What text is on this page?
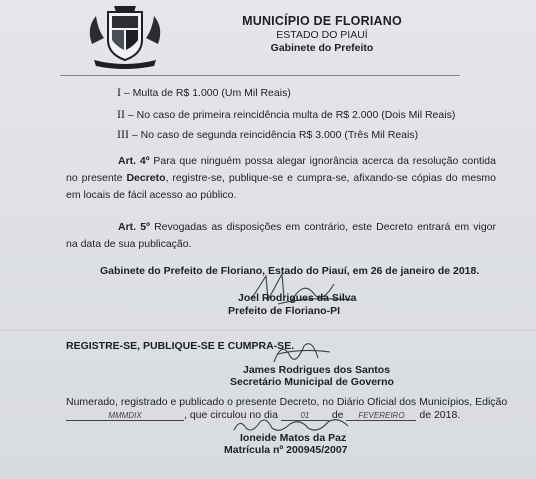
MUNICÍPIO DE FLORIANO
ESTADO DO PIAUÍ
Gabinete do Prefeito
I – Multa de R$ 1.000 (Um Mil Reais)
II – No caso de primeira reincidência multa de R$ 2.000 (Dois Mil Reais)
III – No caso de segunda reincidência R$ 3.000 (Três Mil Reais)
Art. 4º Para que ninguém possa alegar ignorância acerca da resolução contida no presente Decreto, registre-se, publique-se e cumpra-se, afixando-se cópias do mesmo em locais de fácil acesso ao público.
Art. 5º Revogadas as disposições em contrário, este Decreto entrará em vigor na data de sua publicação.
Gabinete do Prefeito de Floriano, Estado do Piauí, em 26 de janeiro de 2018.
Joel Rodrigues da Silva
Prefeito de Floriano-PI
REGISTRE-SE, PUBLIQUE-SE E CUMPRA-SE.
James Rodrigues dos Santos
Secretário Municipal de Governo
Numerado, registrado e publicado o presente Decreto, no Diário Oficial dos Municípios, Edição
MMMDIX	, que circulou no dia	01 de FEVEREIRO de 2018.
Ioneide Matos da Paz
Matrícula nº 200945/2007
